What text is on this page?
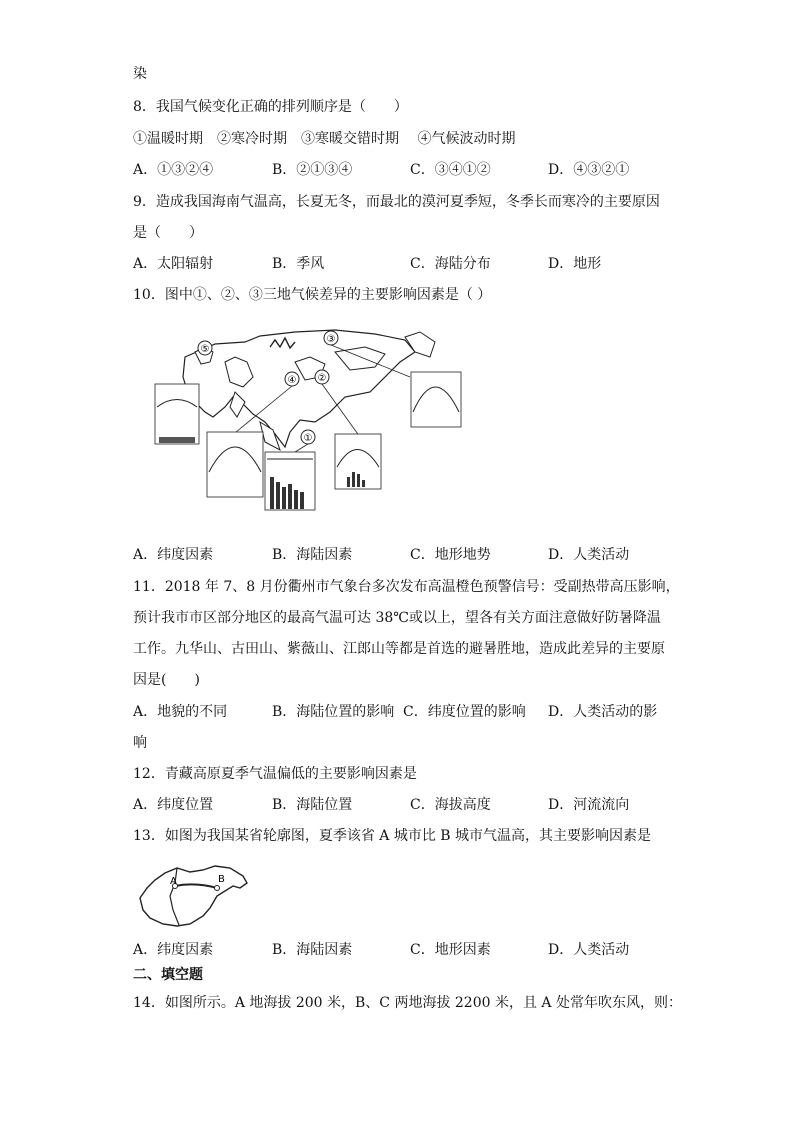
染
8．我国气候变化正确的排列顺序是（　　）
①温暖时期　②寒冷时期　③寒暖交错时期　 ④气候波动时期
A．①③②④	B．②①③④	C．③④①②	D．④③②①
9．造成我国海南气温高，长夏无冬，而最北的漠河夏季短，冬季长而寒冷的主要原因
是（　　）
A．太阳辐射	B．季风	C．海陆分布	D．地形
10．图中①、②、③三地气候差异的主要影响因素是（ ）
⑤
③
④ ②
①
A．纬度因素	B．海陆因素	C．地形地势	D．人类活动
11．2018 年 7、8 月份衢州市气象台多次发布高温橙色预警信号：受副热带高压影响，
预计我市市区部分地区的最高气温可达 38℃或以上，望各有关方面注意做好防暑降温
工作。九华山、古田山、紫薇山、江郎山等都是首选的避暑胜地，造成此差异的主要原
因是(　　)
A．地貌的不同	B．海陆位置的影响 C．纬度位置的影响 D．人类活动的影
响
12．青藏高原夏季气温偏低的主要影响因素是
A．纬度位置	B．海陆位置	C．海拔高度	D．河流流向
13．如图为我国某省轮廓图，夏季该省 A 城市比 B 城市气温高，其主要影响因素是
A	B
A．纬度因素	B．海陆因素	C．地形因素	D．人类活动
二、填空题
14．如图所示。A 地海拔 200 米，B、C 两地海拔 2200 米，且 A 处常年吹东风，则：
